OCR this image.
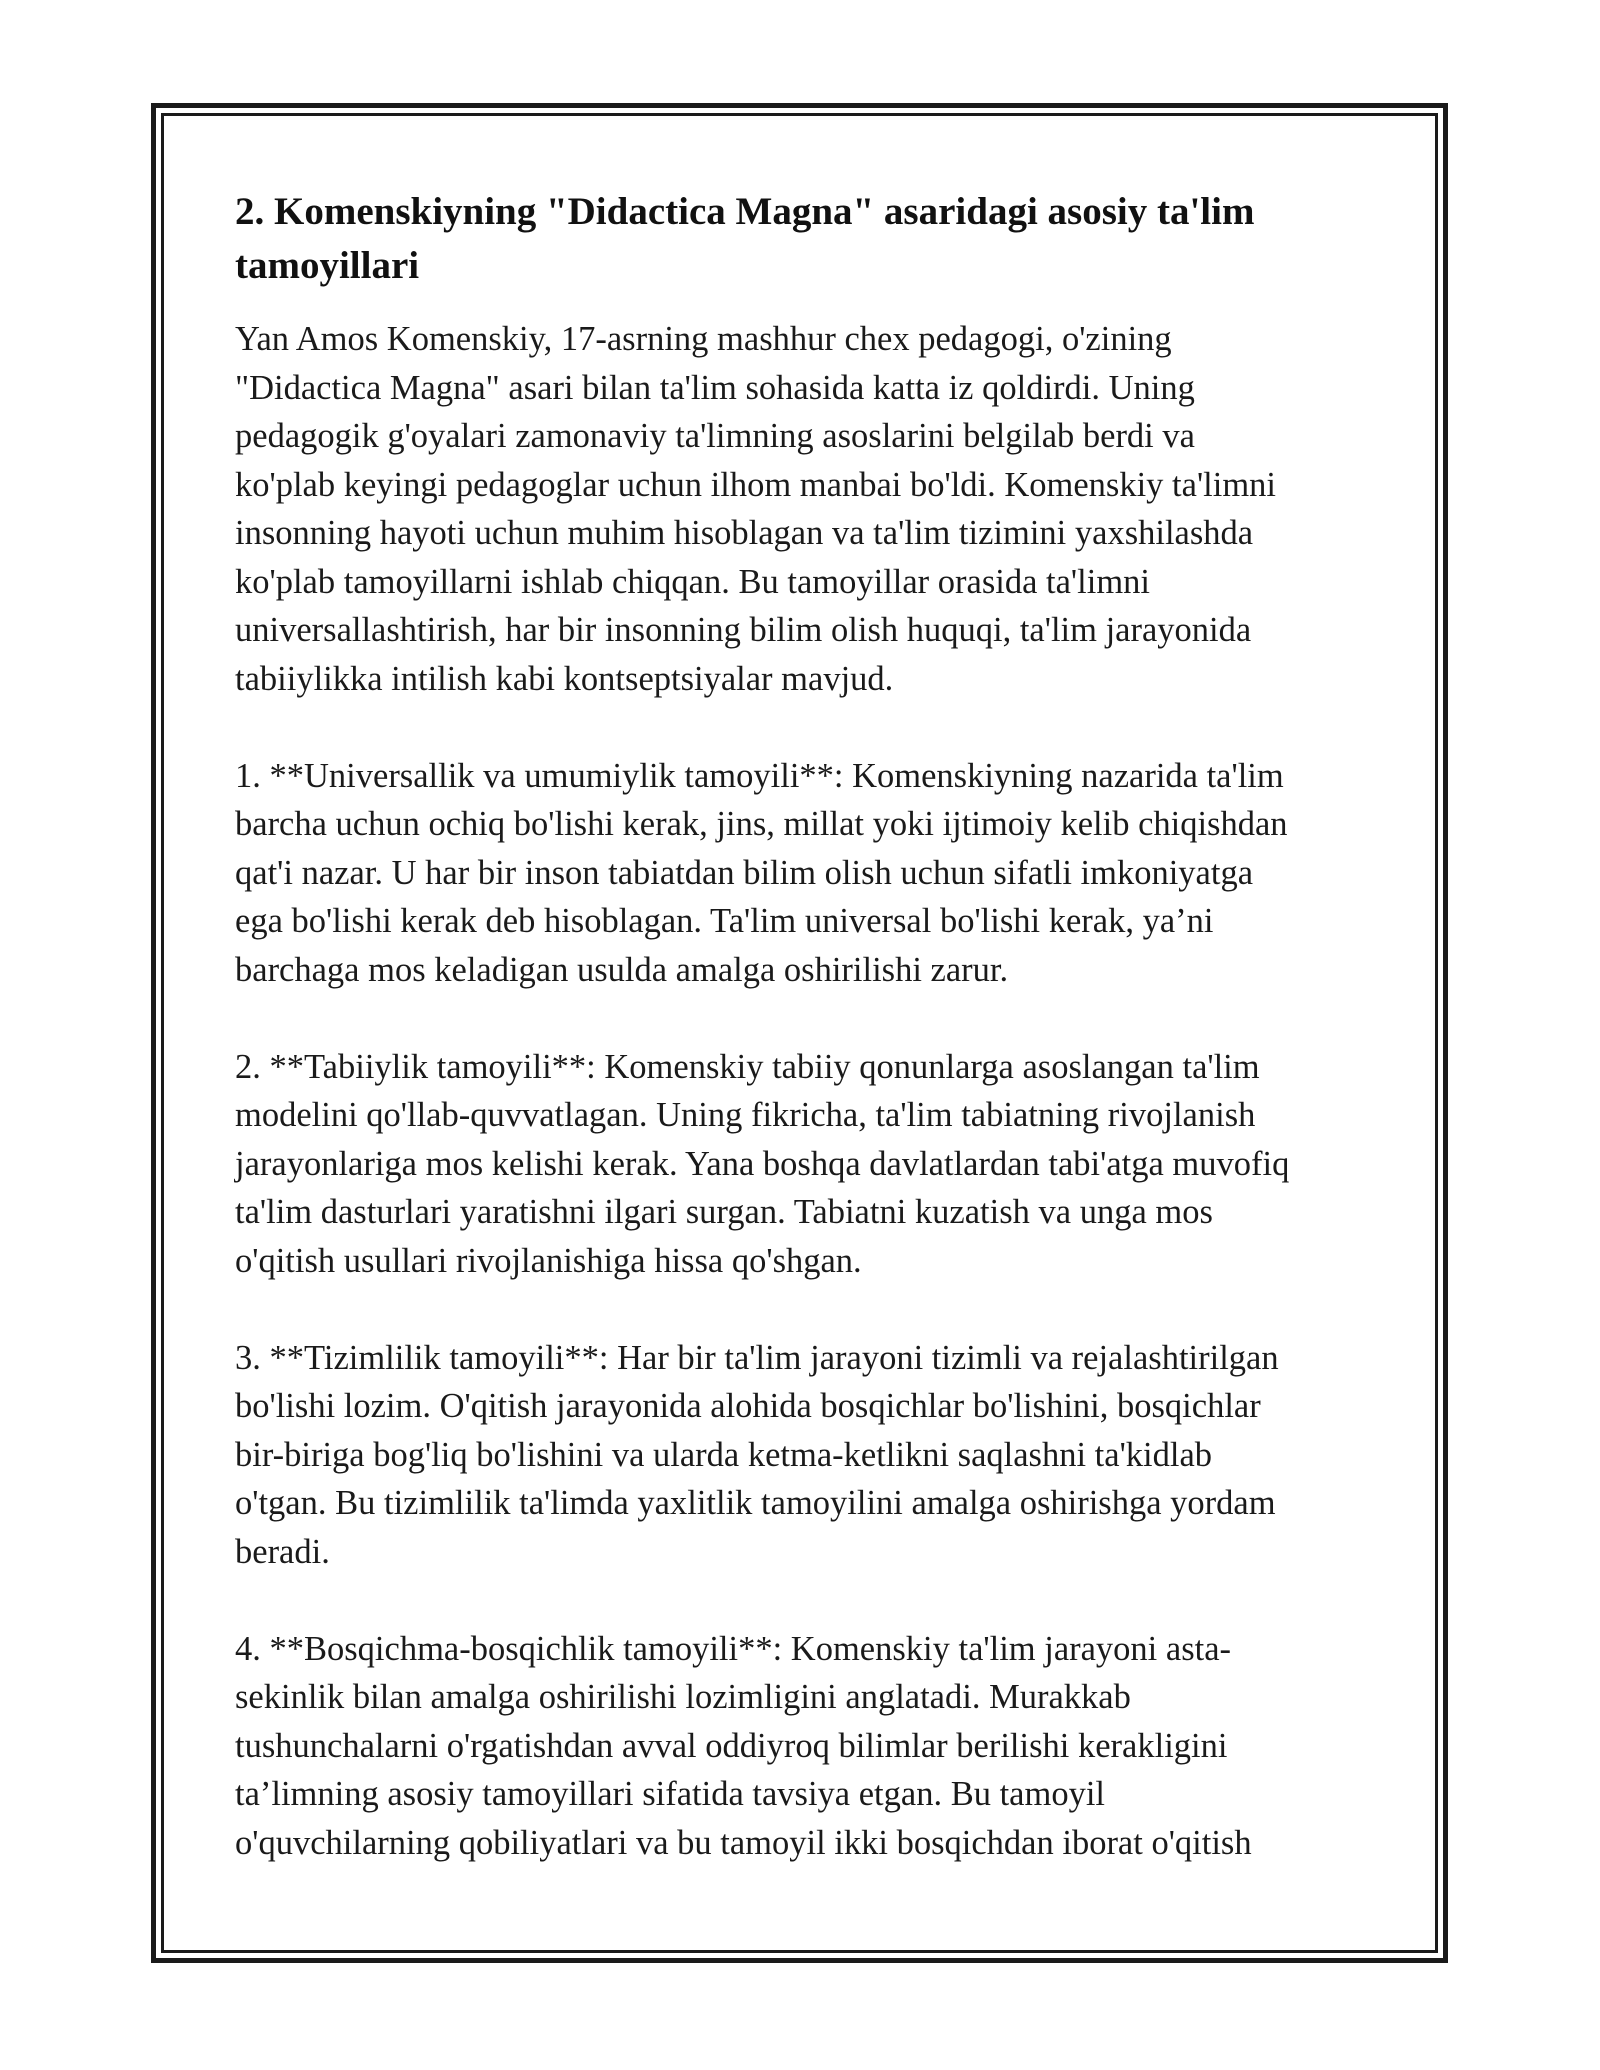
2. Komenskiyning "Didactica Magna" asaridagi asosiy ta'lim
tamoyillari

Yan Amos Komenskiy, 17-asrning mashhur chex pedagogi, o'zining
"Didactica Magna" asari bilan ta'lim sohasida katta iz qoldirdi. Uning
pedagogik g'oyalari zamonaviy ta'limning asoslarini belgilab berdi va
ko'plab keyingi pedagoglar uchun ilhom manbai bo'ldi. Komenskiy ta'limni
insonning hayoti uchun muhim hisoblagan va ta'lim tizimini yaxshilashda
ko'plab tamoyillarni ishlab chiqqan. Bu tamoyillar orasida ta'limni
universallashtirish, har bir insonning bilim olish huquqi, ta'lim jarayonida
tabiiylikka intilish kabi kontseptsiyalar mavjud.

1. **Universallik va umumiylik tamoyili**: Komenskiyning nazarida ta'lim
barcha uchun ochiq bo'lishi kerak, jins, millat yoki ijtimoiy kelib chiqishdan
qat'i nazar. U har bir inson tabiatdan bilim olish uchun sifatli imkoniyatga
ega bo'lishi kerak deb hisoblagan. Ta'lim universal bo'lishi kerak, ya’ni
barchaga mos keladigan usulda amalga oshirilishi zarur.

2. **Tabiiylik tamoyili**: Komenskiy tabiiy qonunlarga asoslangan ta'lim
modelini qo'llab-quvvatlagan. Uning fikricha, ta'lim tabiatning rivojlanish
jarayonlariga mos kelishi kerak. Yana boshqa davlatlardan tabi'atga muvofiq
ta'lim dasturlari yaratishni ilgari surgan. Tabiatni kuzatish va unga mos
o'qitish usullari rivojlanishiga hissa qo'shgan.

3. **Tizimlilik tamoyili**: Har bir ta'lim jarayoni tizimli va rejalashtirilgan
bo'lishi lozim. O'qitish jarayonida alohida bosqichlar bo'lishini, bosqichlar
bir-biriga bog'liq bo'lishini va ularda ketma-ketlikni saqlashni ta'kidlab
o'tgan. Bu tizimlilik ta'limda yaxlitlik tamoyilini amalga oshirishga yordam
beradi.

4. **Bosqichma-bosqichlik tamoyili**: Komenskiy ta'lim jarayoni asta-
sekinlik bilan amalga oshirilishi lozimligini anglatadi. Murakkab
tushunchalarni o'rgatishdan avval oddiyroq bilimlar berilishi kerakligini
ta’limning asosiy tamoyillari sifatida tavsiya etgan. Bu tamoyil
o'quvchilarning qobiliyatlari va bu tamoyil ikki bosqichdan iborat o'qitish
